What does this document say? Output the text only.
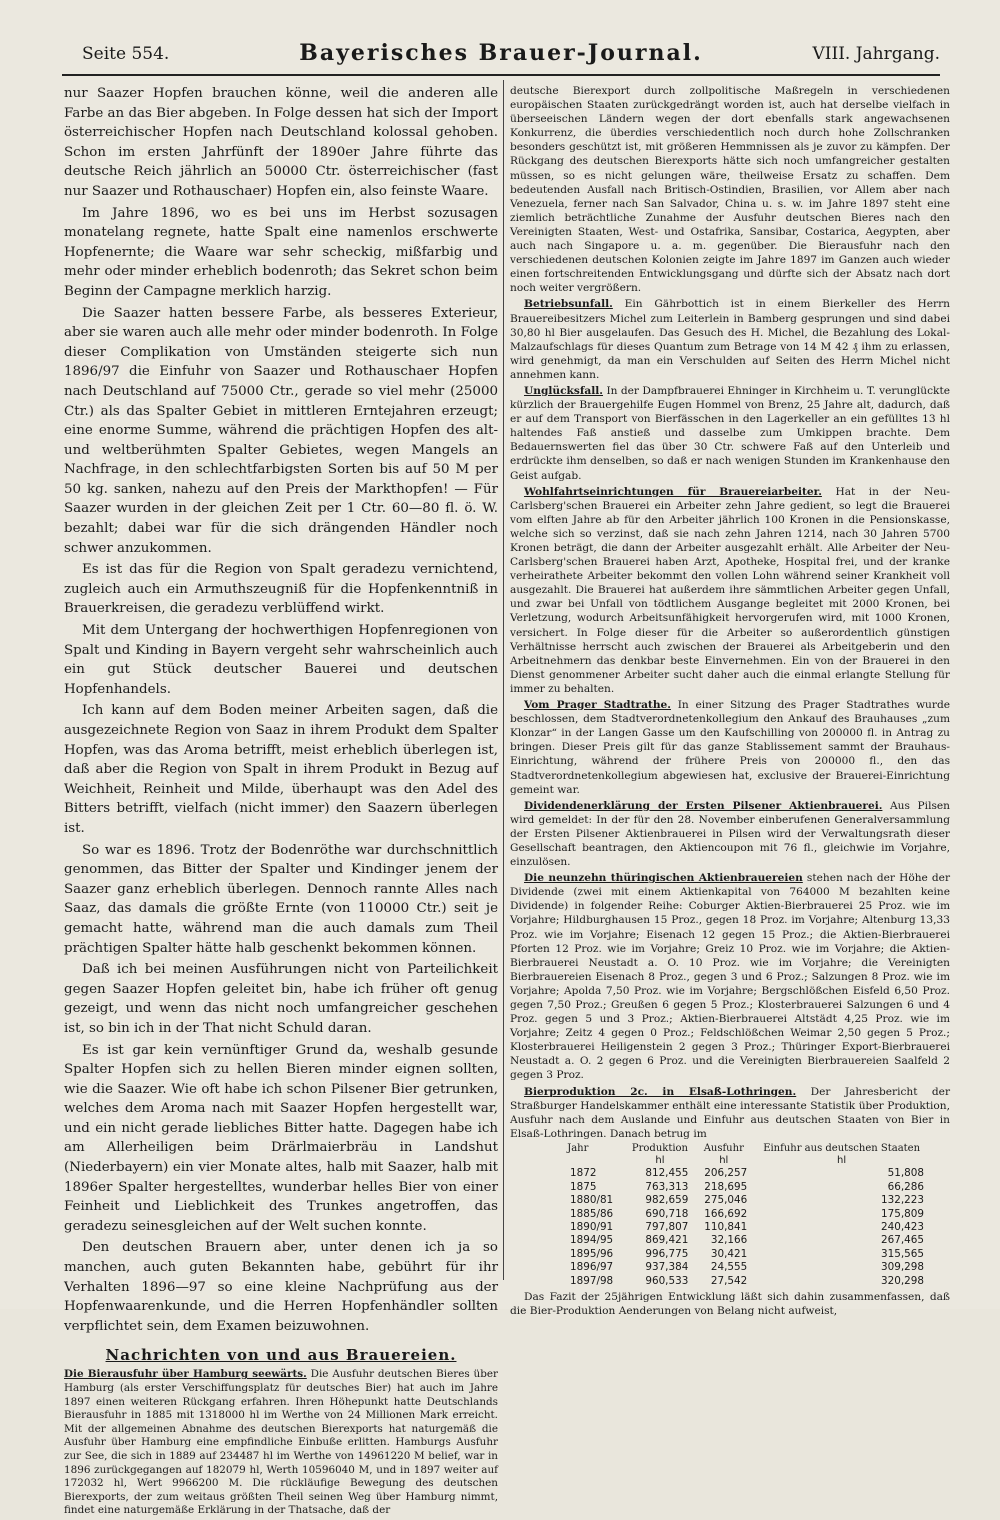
Seite 554.	Bayerisches Brauer-Journal.	VIII. Jahrgang.

nur Saazer Hopfen brauchen könne, weil die anderen alle Farbe an das Bier abgeben. In Folge dessen hat sich der Import österreichischer Hopfen nach Deutschland kolossal gehoben. Schon im ersten Jahrfünft der 1890er Jahre führte das deutsche Reich jährlich an 50000 Ctr. österreichischer (fast nur Saazer und Rothauschaer) Hopfen ein, also feinste Waare.

Im Jahre 1896, wo es bei uns im Herbst sozusagen monatelang regnete, hatte Spalt eine namenlos erschwerte Hopfenernte; die Waare war sehr scheckig, mißfarbig und mehr oder minder erheblich bodenroth; das Sekret schon beim Beginn der Campagne merklich harzig.

Die Saazer hatten bessere Farbe, als besseres Exterieur, aber sie waren auch alle mehr oder minder bodenroth. In Folge dieser Complikation von Umständen steigerte sich nun 1896/97 die Einfuhr von Saazer und Rothauschaer Hopfen nach Deutschland auf 75000 Ctr., gerade so viel mehr (25000 Ctr.) als das Spalter Gebiet in mittleren Erntejahren erzeugt; eine enorme Summe, während die prächtigen Hopfen des alt- und weltberühmten Spalter Gebietes, wegen Mangels an Nachfrage, in den schlechtfarbigsten Sorten bis auf 50 M per 50 kg. sanken, nahezu auf den Preis der Markthopfen! — Für Saazer wurden in der gleichen Zeit per 1 Ctr. 60—80 fl. ö. W. bezahlt; dabei war für die sich drängenden Händler noch schwer anzukommen.

Es ist das für die Region von Spalt geradezu vernichtend, zugleich auch ein Armuthszeugniß für die Hopfenkenntniß in Brauerkreisen, die geradezu verblüffend wirkt.

Mit dem Untergang der hochwerthigen Hopfenregionen von Spalt und Kinding in Bayern vergeht sehr wahrscheinlich auch ein gut Stück deutscher Bauerei und deutschen Hopfenhandels.

Ich kann auf dem Boden meiner Arbeiten sagen, daß die ausgezeichnete Region von Saaz in ihrem Produkt dem Spalter Hopfen, was das Aroma betrifft, meist erheblich überlegen ist, daß aber die Region von Spalt in ihrem Produkt in Bezug auf Weichheit, Reinheit und Milde, überhaupt was den Adel des Bitters betrifft, vielfach (nicht immer) den Saazern überlegen ist.

So war es 1896. Trotz der Bodenröthe war durchschnittlich genommen, das Bitter der Spalter und Kindinger jenem der Saazer ganz erheblich überlegen. Dennoch rannte Alles nach Saaz, das damals die größte Ernte (von 110000 Ctr.) seit je gemacht hatte, während man die auch damals zum Theil prächtigen Spalter hätte halb geschenkt bekommen können.

Daß ich bei meinen Ausführungen nicht von Parteilichkeit gegen Saazer Hopfen geleitet bin, habe ich früher oft genug gezeigt, und wenn das nicht noch umfangreicher geschehen ist, so bin ich in der That nicht Schuld daran.

Es ist gar kein vernünftiger Grund da, weshalb gesunde Spalter Hopfen sich zu hellen Bieren minder eignen sollten, wie die Saazer. Wie oft habe ich schon Pilsener Bier getrunken, welches dem Aroma nach mit Saazer Hopfen hergestellt war, und ein nicht gerade liebliches Bitter hatte. Dagegen habe ich am Allerheiligen beim Drärlmaierbräu in Landshut (Niederbayern) ein vier Monate altes, halb mit Saazer, halb mit 1896er Spalter hergestelltes, wunderbar helles Bier von einer Feinheit und Lieblichkeit des Trunkes angetroffen, das geradezu seinesgleichen auf der Welt suchen konnte.

Den deutschen Brauern aber, unter denen ich ja so manchen, auch guten Bekannten habe, gebührt für ihr Verhalten 1896—97 so eine kleine Nachprüfung aus der Hopfenwaarenkunde, und die Herren Hopfenhändler sollten verpflichtet sein, dem Examen beizuwohnen.

Nachrichten von und aus Brauereien.

Die Bierausfuhr über Hamburg seewärts. Die Ausfuhr deutschen Bieres über Hamburg (als erster Verschiffungsplatz für deutsches Bier) hat auch im Jahre 1897 einen weiteren Rückgang erfahren. Ihren Höhepunkt hatte Deutschlands Bierausfuhr in 1885 mit 1318000 hl im Werthe von 24 Millionen Mark erreicht. Mit der allgemeinen Abnahme des deutschen Bierexports hat naturgemäß die Ausfuhr über Hamburg eine empfindliche Einbuße erlitten. Hamburgs Ausfuhr zur See, die sich in 1889 auf 234487 hl im Werthe von 14961220 M belief, war in 1896 zurückgegangen auf 182079 hl, Werth 10596040 M, und in 1897 weiter auf 172032 hl, Wert 9966200 M. Die rückläufige Bewegung des deutschen Bierexports, der zum weitaus größten Theil seinen Weg über Hamburg nimmt, findet eine naturgemäße Erklärung in der Thatsache, daß der

deutsche Bierexport durch zollpolitische Maßregeln in verschiedenen europäischen Staaten zurückgedrängt worden ist, auch hat derselbe vielfach in überseeischen Ländern wegen der dort ebenfalls stark angewachsenen Konkurrenz, die überdies verschiedentlich noch durch hohe Zollschranken besonders geschützt ist, mit größeren Hemmnissen als je zuvor zu kämpfen. Der Rückgang des deutschen Bierexports hätte sich noch umfangreicher gestalten müssen, so es nicht gelungen wäre, theilweise Ersatz zu schaffen. Dem bedeutenden Ausfall nach Britisch-Ostindien, Brasilien, vor Allem aber nach Venezuela, ferner nach San Salvador, China u. s. w. im Jahre 1897 steht eine ziemlich beträchtliche Zunahme der Ausfuhr deutschen Bieres nach den Vereinigten Staaten, West- und Ostafrika, Sansibar, Costarica, Aegypten, aber auch nach Singapore u. a. m. gegenüber. Die Bierausfuhr nach den verschiedenen deutschen Kolonien zeigte im Jahre 1897 im Ganzen auch wieder einen fortschreitenden Entwicklungsgang und dürfte sich der Absatz nach dort noch weiter vergrößern.

Betriebsunfall. Ein Gährbottich ist in einem Bierkeller des Herrn Brauereibesitzers Michel zum Leiterlein in Bamberg gesprungen und sind dabei 30,80 hl Bier ausgelaufen. Das Gesuch des H. Michel, die Bezahlung des Lokal-Malzaufschlags für dieses Quantum zum Betrage von 14 M 42 ₰ ihm zu erlassen, wird genehmigt, da man ein Verschulden auf Seiten des Herrn Michel nicht annehmen kann.

Unglücksfall. In der Dampfbrauerei Ehninger in Kirchheim u. T. verunglückte kürzlich der Brauergehilfe Eugen Hommel von Brenz, 25 Jahre alt, dadurch, daß er auf dem Transport von Bierfässchen in den Lagerkeller an ein gefülltes 13 hl haltendes Faß anstieß und dasselbe zum Umkippen brachte. Dem Bedauernswerten fiel das über 30 Ctr. schwere Faß auf den Unterleib und erdrückte ihm denselben, so daß er nach wenigen Stunden im Krankenhause den Geist aufgab.

Wohlfahrtseinrichtungen für Brauereiarbeiter. Hat in der Neu-Carlsberg'schen Brauerei ein Arbeiter zehn Jahre gedient, so legt die Brauerei vom elften Jahre ab für den Arbeiter jährlich 100 Kronen in die Pensionskasse, welche sich so verzinst, daß sie nach zehn Jahren 1214, nach 30 Jahren 5700 Kronen beträgt, die dann der Arbeiter ausgezahlt erhält. Alle Arbeiter der Neu-Carlsberg'schen Brauerei haben Arzt, Apotheke, Hospital frei, und der kranke verheirathete Arbeiter bekommt den vollen Lohn während seiner Krankheit voll ausgezahlt. Die Brauerei hat außerdem ihre sämmtlichen Arbeiter gegen Unfall, und zwar bei Unfall von tödtlichem Ausgange begleitet mit 2000 Kronen, bei Verletzung, wodurch Arbeitsunfähigkeit hervorgerufen wird, mit 1000 Kronen, versichert. In Folge dieser für die Arbeiter so außerordentlich günstigen Verhältnisse herrscht auch zwischen der Brauerei als Arbeitgeberin und den Arbeitnehmern das denkbar beste Einvernehmen. Ein von der Brauerei in den Dienst genommener Arbeiter sucht daher auch die einmal erlangte Stellung für immer zu behalten.

Vom Prager Stadtrathe. In einer Sitzung des Prager Stadtrathes wurde beschlossen, dem Stadtverordnetenkollegium den Ankauf des Brauhauses „zum Klonzar“ in der Langen Gasse um den Kaufschilling von 200000 fl. in Antrag zu bringen. Dieser Preis gilt für das ganze Stablissement sammt der Brauhaus-Einrichtung, während der frühere Preis von 200000 fl., den das Stadtverordnetenkollegium abgewiesen hat, exclusive der Brauerei-Einrichtung gemeint war.

Dividendenerklärung der Ersten Pilsener Aktienbrauerei. Aus Pilsen wird gemeldet: In der für den 28. November einberufenen Generalversammlung der Ersten Pilsener Aktienbrauerei in Pilsen wird der Verwaltungsrath dieser Gesellschaft beantragen, den Aktiencoupon mit 76 fl., gleichwie im Vorjahre, einzulösen.

Die neunzehn thüringischen Aktienbrauereien stehen nach der Höhe der Dividende (zwei mit einem Aktienkapital von 764000 M bezahlten keine Dividende) in folgender Reihe: Coburger Aktien-Bierbrauerei 25 Proz. wie im Vorjahre; Hildburghausen 15 Proz., gegen 18 Proz. im Vorjahre; Altenburg 13,33 Proz. wie im Vorjahre; Eisenach 12 gegen 15 Proz.; die Aktien-Bierbrauerei Pforten 12 Proz. wie im Vorjahre; Greiz 10 Proz. wie im Vorjahre; die Aktien-Bierbrauerei Neustadt a. O. 10 Proz. wie im Vorjahre; die Vereinigten Bierbrauereien Eisenach 8 Proz., gegen 3 und 6 Proz.; Salzungen 8 Proz. wie im Vorjahre; Apolda 7,50 Proz. wie im Vorjahre; Bergschlößchen Eisfeld 6,50 Proz. gegen 7,50 Proz.; Greußen 6 gegen 5 Proz.; Klosterbrauerei Salzungen 6 und 4 Proz. gegen 5 und 3 Proz.; Aktien-Bierbrauerei Altstädt 4,25 Proz. wie im Vorjahre; Zeitz 4 gegen 0 Proz.; Feldschlößchen Weimar 2,50 gegen 5 Proz.; Klosterbrauerei Heiligenstein 2 gegen 3 Proz.; Thüringer Export-Bierbrauerei Neustadt a. O. 2 gegen 6 Proz. und die Vereinigten Bierbrauereien Saalfeld 2 gegen 3 Proz.

Bierproduktion 2c. in Elsaß-Lothringen. Der Jahresbericht der Straßburger Handelskammer enthält eine interessante Statistik über Produktion, Ausfuhr nach dem Auslande und Einfuhr aus deutschen Staaten von Bier in Elsaß-Lothringen. Danach betrug im

Jahr	Produktion	Ausfuhr	Einfuhr aus deutschen Staaten
	hl	hl	hl
1872	812,455	206,257	51,808
1875	763,313	218,695	66,286
1880/81	982,659	275,046	132,223
1885/86	690,718	166,692	175,809
1890/91	797,807	110,841	240,423
1894/95	869,421	32,166	267,465
1895/96	996,775	30,421	315,565
1896/97	937,384	24,555	309,298
1897/98	960,533	27,542	320,298

Das Fazit der 25jährigen Entwicklung läßt sich dahin zusammenfassen, daß die Bier-Produktion Aenderungen von Belang nicht aufweist,
